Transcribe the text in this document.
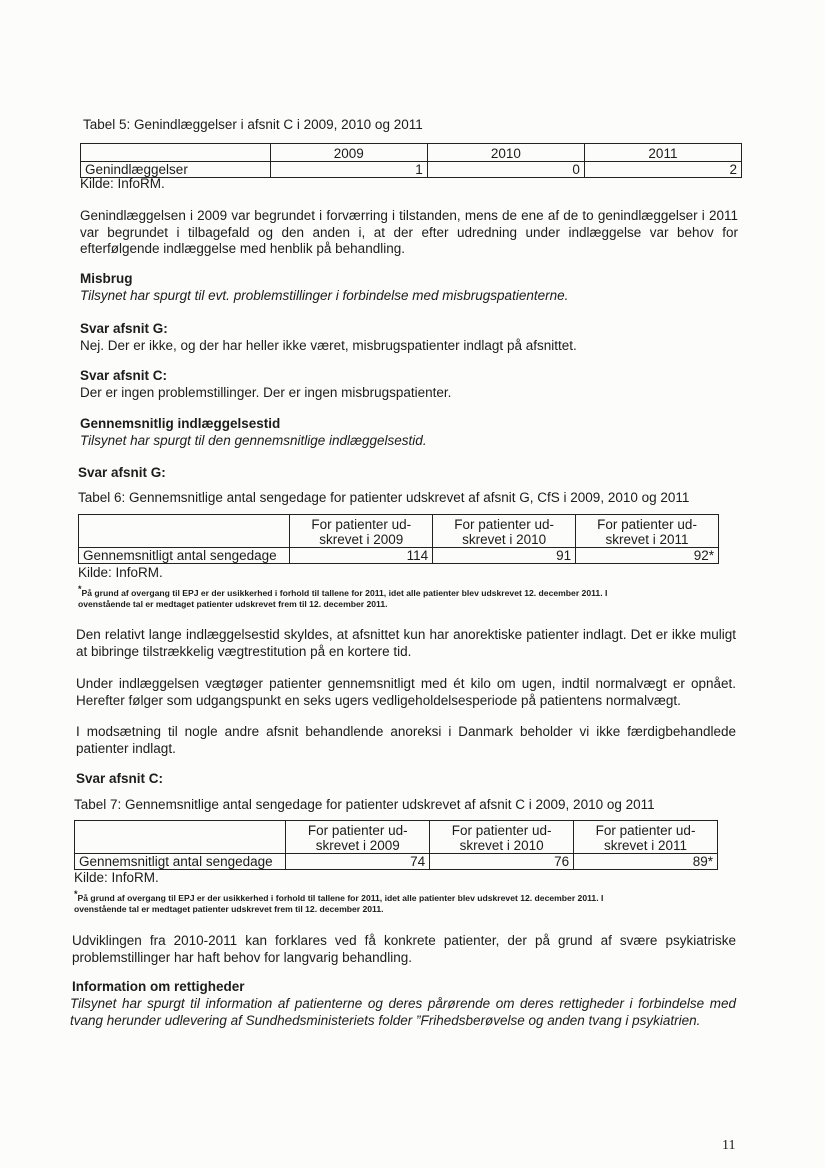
Tabel 5: Genindlæggelser i afsnit C i 2009, 2010 og 2011
	2009	2010	2011
Genindlæggelser	1	0	2
Kilde: InfoRM.
Genindlæggelsen i 2009 var begrundet i forværring i tilstanden, mens de ene af de to genindlæggelser i 2011 var begrundet i tilbagefald og den anden i, at der efter udredning under indlæggelse var behov for efterfølgende indlæggelse med henblik på behandling.
Misbrug
Tilsynet har spurgt til evt. problemstillinger i forbindelse med misbrugspatienterne.
Svar afsnit G:
Nej. Der er ikke, og der har heller ikke været, misbrugspatienter indlagt på afsnittet.
Svar afsnit C:
Der er ingen problemstillinger. Der er ingen misbrugspatienter.
Gennemsnitlig indlæggelsestid
Tilsynet har spurgt til den gennemsnitlige indlæggelsestid.
Svar afsnit G:
Tabel 6: Gennemsnitlige antal sengedage for patienter udskrevet af afsnit G, CfS i 2009, 2010 og 2011
	For patienter ud-
skrevet i 2009	For patienter ud-
skrevet i 2010	For patienter ud-
skrevet i 2011
Gennemsnitligt antal sengedage	114	91	92*
Kilde: InfoRM.
*På grund af overgang til EPJ er der usikkerhed i forhold til tallene for 2011, idet alle patienter blev udskrevet 12. december 2011. I
ovenstående tal er medtaget patienter udskrevet frem til 12. december 2011.
Den relativt lange indlæggelsestid skyldes, at afsnittet kun har anorektiske patienter indlagt. Det er ikke muligt at bibringe tilstrækkelig vægtrestitution på en kortere tid.
Under indlæggelsen vægtøger patienter gennemsnitligt med ét kilo om ugen, indtil normalvægt er opnået. Herefter følger som udgangspunkt en seks ugers vedligeholdelsesperiode på patientens normalvægt.
I modsætning til nogle andre afsnit behandlende anoreksi i Danmark beholder vi ikke færdigbehandlede patienter indlagt.
Svar afsnit C:
Tabel 7: Gennemsnitlige antal sengedage for patienter udskrevet af afsnit C i 2009, 2010 og 2011
	For patienter ud-
skrevet i 2009	For patienter ud-
skrevet i 2010	For patienter ud-
skrevet i 2011
Gennemsnitligt antal sengedage	74	76	89*
Kilde: InfoRM.
*På grund af overgang til EPJ er der usikkerhed i forhold til tallene for 2011, idet alle patienter blev udskrevet 12. december 2011. I
ovenstående tal er medtaget patienter udskrevet frem til 12. december 2011.
Udviklingen fra 2010-2011 kan forklares ved få konkrete patienter, der på grund af svære psykiatriske problemstillinger har haft behov for langvarig behandling.
Information om rettigheder
Tilsynet har spurgt til information af patienterne og deres pårørende om deres rettigheder i forbindelse med tvang herunder udlevering af Sundhedsministeriets folder ”Frihedsberøvelse og anden tvang i psykiatrien.
11
